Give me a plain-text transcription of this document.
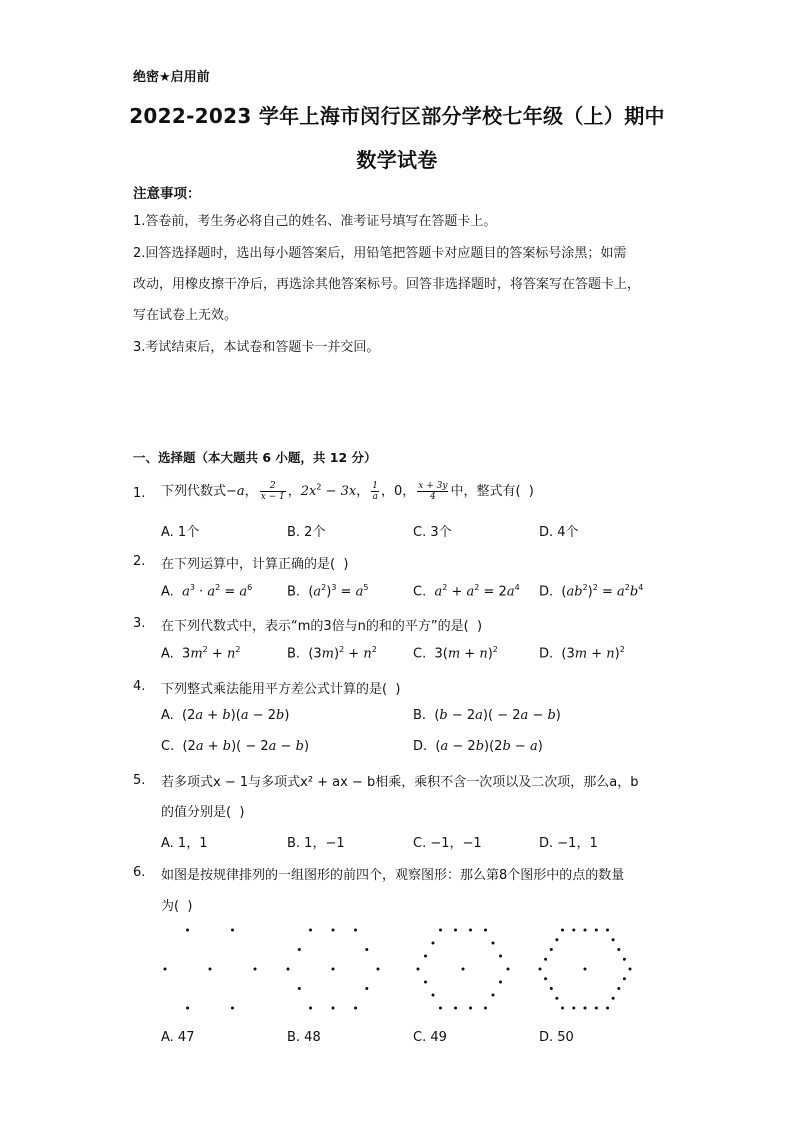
绝密★启用前
2022-2023 学年上海市闵行区部分学校七年级（上）期中
数学试卷
注意事项：
1.答卷前，考生务必将自己的姓名、准考证号填写在答题卡上。
2.回答选择题时，选出每小题答案后，用铅笔把答题卡对应题目的答案标号涂黑；如需
改动，用橡皮擦干净后，再选涂其他答案标号。回答非选择题时，将答案写在答题卡上，
写在试卷上无效。
3.考试结束后，本试卷和答题卡一并交回。
一、选择题（本大题共 6 小题，共 12 分）
1. 下列代数式−a， $\frac{2}{x - 1}$ ，$2x^2 - 3x$， $\frac{1}{a}$ ，0， $\frac{x + 3y}{4}$ 中，整式有(  )
A. 1个	B. 2个	C. 3个	D. 4个
2. 在下列运算中，计算正确的是(  )
A.  $a^3 \cdot a^2 = a^6$	B.  $(a^2)^3 = a^5$	C.  $a^2 + a^2 = 2a^4$ D.  $(ab^2)^2 = a^2b^4$
3. 在下列代数式中，表示“m的3倍与n的和的平方”的是(  )
A.  $3m^2 + n^2$	B.  $(3m)^2 + n^2$	C.  $3(m + n)^2$	D.  $(3m + n)^2$
4. 下列整式乘法能用平方差公式计算的是(  )
A.  (2a + b)(a − 2b)	B.  (b − 2a)( − 2a − b)
C.  (2a + b)( − 2a − b)	D.  (a − 2b)(2b − a)
5. 若多项式x − 1与多项式x² + ax − b相乘，乘积不含一次项以及二次项，那么a，b
的值分别是(  )
A. 1，1	B. 1，−1	C. −1，−1	D. −1，1
6. 如图是按规律排列的一组图形的前四个，观察图形：那么第8个图形中的点的数量
为(  )
A. 47	B. 48	C. 49	D. 50
